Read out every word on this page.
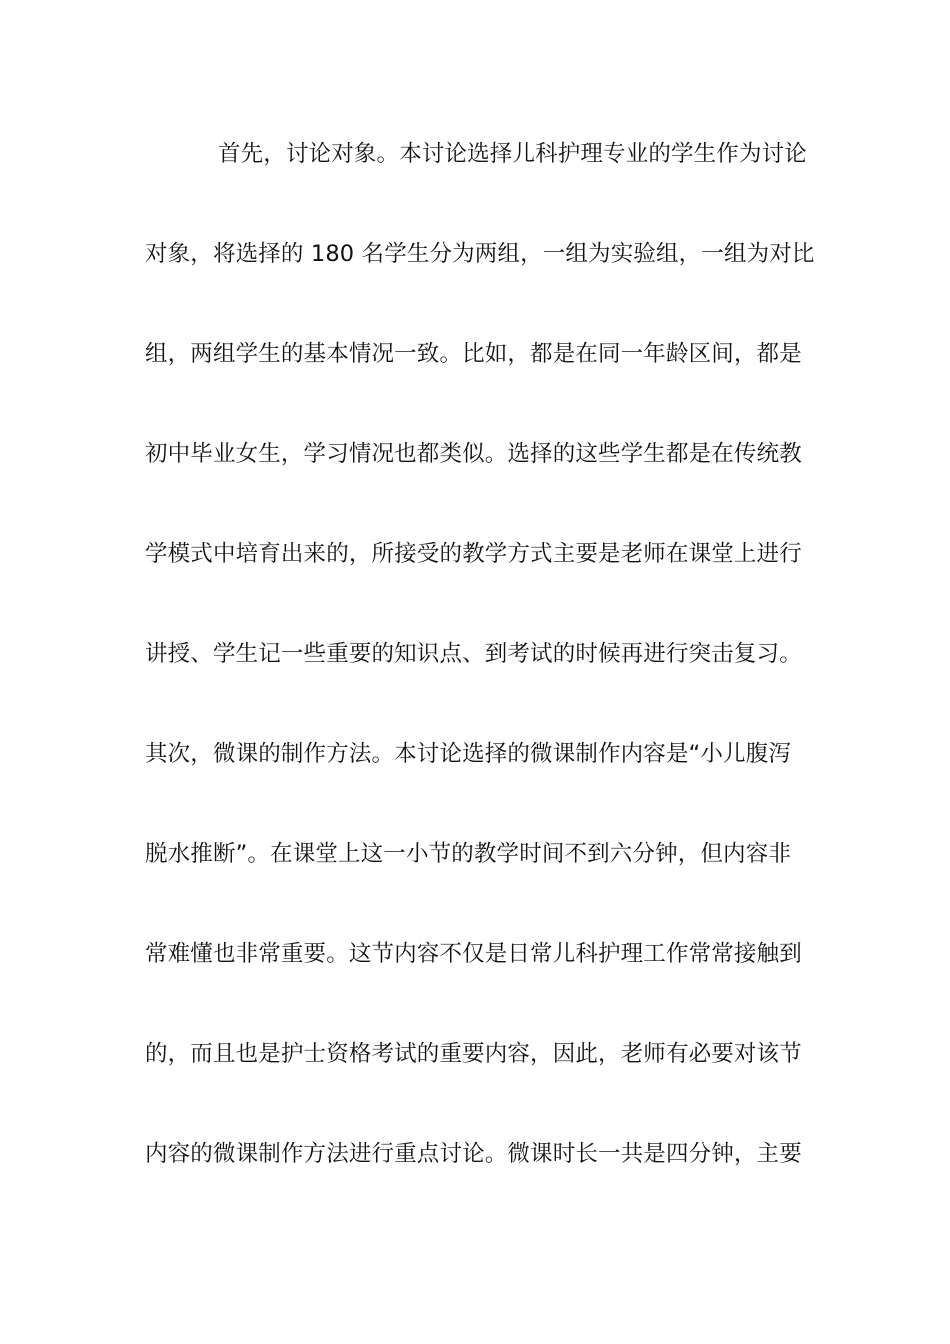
首先，讨论对象。本讨论选择儿科护理专业的学生作为讨论
对象，将选择的 180 名学生分为两组，一组为实验组，一组为对比
组，两组学生的基本情况一致。比如，都是在同一年龄区间，都是
初中毕业女生，学习情况也都类似。选择的这些学生都是在传统教
学模式中培育出来的，所接受的教学方式主要是老师在课堂上进行
讲授、学生记一些重要的知识点、到考试的时候再进行突击复习。
其次，微课的制作方法。本讨论选择的微课制作内容是“小儿腹泻
脱水推断”。在课堂上这一小节的教学时间不到六分钟，但内容非
常难懂也非常重要。这节内容不仅是日常儿科护理工作常常接触到
的，而且也是护士资格考试的重要内容，因此，老师有必要对该节
内容的微课制作方法进行重点讨论。微课时长一共是四分钟，主要
